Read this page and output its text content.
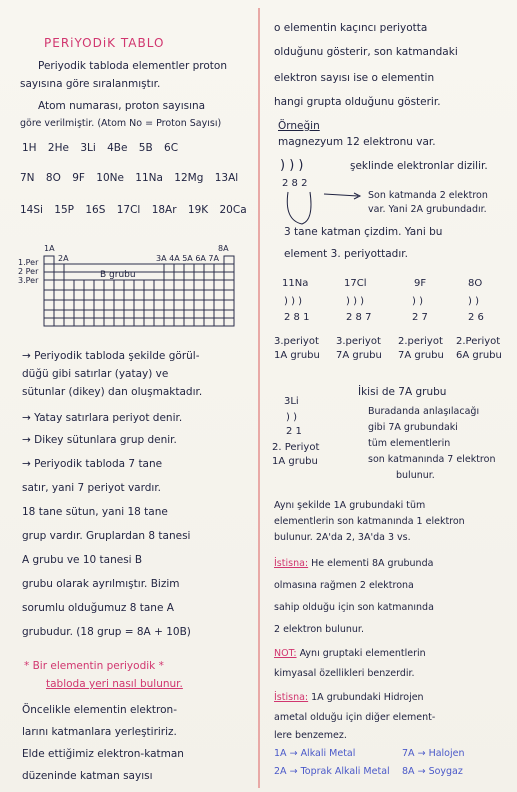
PERiYODiK TABLO
Periyodik tabloda elementler proton
sayısına göre sıralanmıştır.
Atom numarası, proton sayısına
göre verilmiştir. (Atom No = Proton Sayısı)
1H 2He 3Li 4Be 5B 6C
7N 8O 9F 10Ne 11Na 12Mg 13Al
14Si 15P 16S 17Cl 18Ar 19K 20Ca
1A
2A	3A 4A 5A 6A 7A
8A
1.Per
2 Per
3.Per
B grubu
→ Periyodik tabloda şekilde görül-
düğü gibi satırlar (yatay) ve
sütunlar (dikey) dan oluşmaktadır.
→ Yatay satırlara periyot denir.
→ Dikey sütunlara grup denir.
→ Periyodik tabloda 7 tane
satır, yani 7 periyot vardır.
18 tane sütun, yani 18 tane
grup vardır. Gruplardan 8 tanesi
A grubu ve 10 tanesi B
grubu olarak ayrılmıştır. Bizim
sorumlu olduğumuz 8 tane A
grubudur. (18 grup = 8A + 10B)
* Bir elementin periyodik *
tabloda yeri nasıl bulunur.
Öncelikle elementin elektron-
larını katmanlara yerleştiririz.
Elde ettiğimiz elektron-katman
düzeninde katman sayısı
o elementin kaçıncı periyotta
olduğunu gösterir, son katmandaki
elektron sayısı ise o elementin
hangi grupta olduğunu gösterir.
Örneğin
magnezyum 12 elektronu var.
) ) )
2 8 2
şeklinde elektronlar dizilir.
Son katmanda 2 elektron
var. Yani 2A grubundadır.
3 tane katman çizdim. Yani bu
element 3. periyottadır.
11Na
) ) )
2 8 1
3.periyot
1A grubu
17Cl
) ) )
2 8 7
3.periyot
7A grubu
9F
) )
2 7
2.periyot
7A grubu
8O
) )
2 6
2.Periyot
6A grubu
3Li
) )
2 1
2. Periyot
1A grubu
İkisi de 7A grubu
Buradanda anlaşılacağı
gibi 7A grubundaki
tüm elementlerin
son katmanında 7 elektron
bulunur.
Aynı şekilde 1A grubundaki tüm
elementlerin son katmanında 1 elektron
bulunur. 2A'da 2, 3A'da 3 vs.
İstisna: He elementi 8A grubunda
olmasına rağmen 2 elektrona
sahip olduğu için son katmanında
2 elektron bulunur.
NOT: Aynı gruptaki elementlerin
kimyasal özellikleri benzerdir.
İstisna: 1A grubundaki Hidrojen
ametal olduğu için diğer element-
lere benzemez.
1A → Alkali Metal	7A → Halojen
2A → Toprak Alkali Metal 8A → Soygaz
